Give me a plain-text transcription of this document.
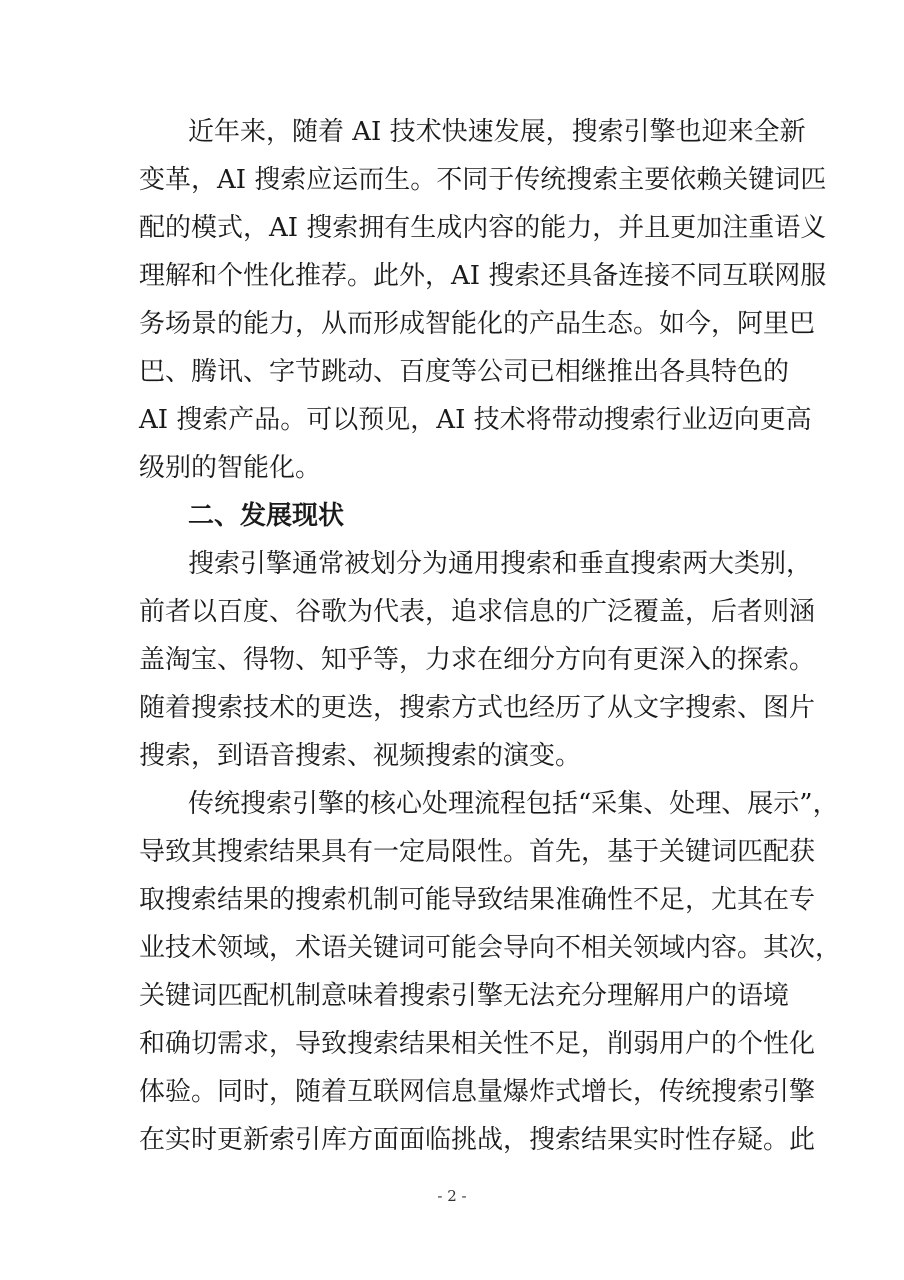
近年来，随着 AI 技术快速发展，搜索引擎也迎来全新
变革，AI 搜索应运而生。不同于传统搜索主要依赖关键词匹
配的模式，AI 搜索拥有生成内容的能力，并且更加注重语义
理解和个性化推荐。此外，AI 搜索还具备连接不同互联网服
务场景的能力，从而形成智能化的产品生态。如今，阿里巴
巴、腾讯、字节跳动、百度等公司已相继推出各具特色的
AI 搜索产品。可以预见，AI 技术将带动搜索行业迈向更高
级别的智能化。
二、发展现状
搜索引擎通常被划分为通用搜索和垂直搜索两大类别，
前者以百度、谷歌为代表，追求信息的广泛覆盖，后者则涵
盖淘宝、得物、知乎等，力求在细分方向有更深入的探索。
随着搜索技术的更迭，搜索方式也经历了从文字搜索、图片
搜索，到语音搜索、视频搜索的演变。
传统搜索引擎的核心处理流程包括“采集、处理、展示”，
导致其搜索结果具有一定局限性。首先，基于关键词匹配获
取搜索结果的搜索机制可能导致结果准确性不足，尤其在专
业技术领域，术语关键词可能会导向不相关领域内容。其次，
关键词匹配机制意味着搜索引擎无法充分理解用户的语境
和确切需求，导致搜索结果相关性不足，削弱用户的个性化
体验。同时，随着互联网信息量爆炸式增长，传统搜索引擎
在实时更新索引库方面面临挑战，搜索结果实时性存疑。此
- 2 -
